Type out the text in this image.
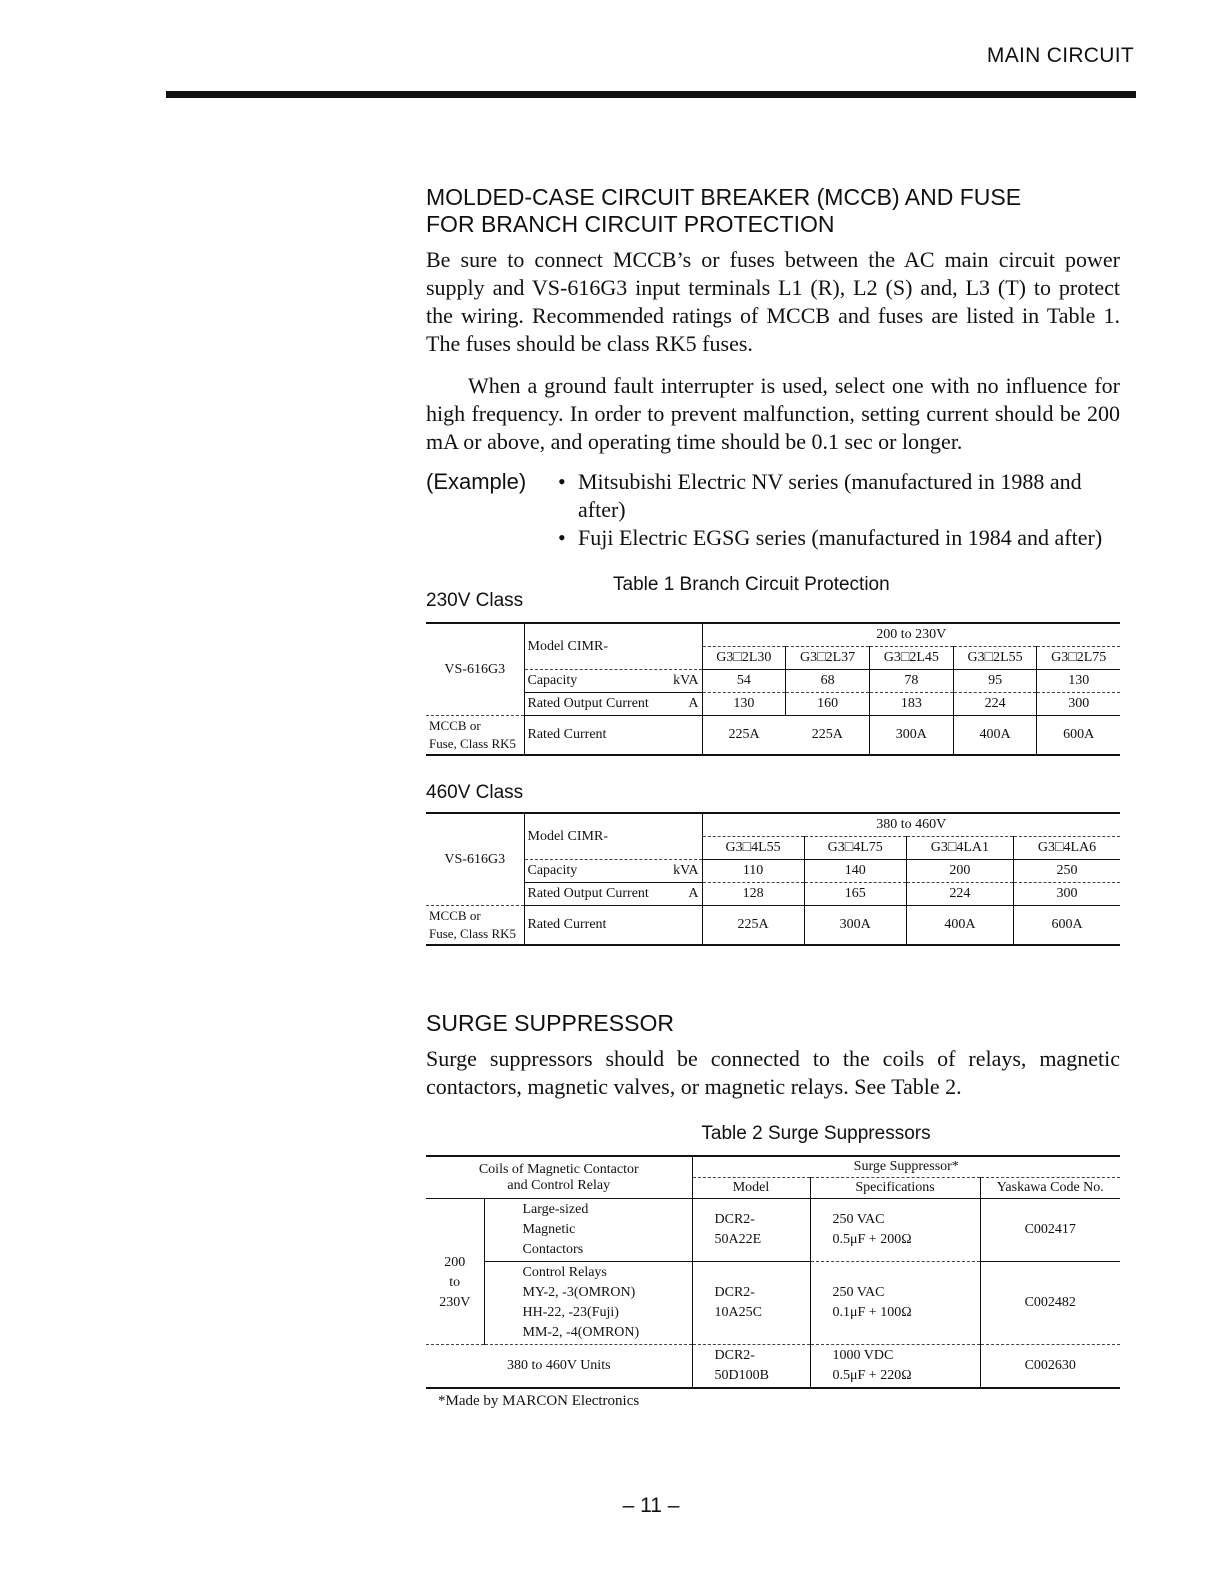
MAIN CIRCUIT
MOLDED-CASE CIRCUIT BREAKER (MCCB) AND FUSE
FOR BRANCH CIRCUIT PROTECTION

Be sure to connect MCCB’s or fuses between the AC main circuit power supply and VS-616G3 input terminals L1 (R), L2 (S) and, L3 (T) to protect the wiring. Recommended ratings of MCCB and fuses are listed in Table 1. The fuses should be class RK5 fuses.

When a ground fault interrupter is used, select one with no influence for high frequency. In order to prevent malfunction, setting current should be 200 mA or above, and operating time should be 0.1 sec or longer.

(Example)	• Mitsubishi Electric NV series (manufactured in 1988 and after)
• Fuji Electric EGSG series (manufactured in 1984 and after)
Table 1 Branch Circuit Protection
230V Class
VS-616G3	Model CIMR-	200 to 230V				
		G3□2L30	G3□2L37	G3□2L45	G3□2L55	G3□2L75

	Capacity kVA	54	68	78	95	130

	Rated Output Current A	130	160	183	224	300
MCCB or
Fuse, Class RK5	Rated Current	225A	225A	300A	400A	600A
460V Class
VS-616G3	Model CIMR-	380 to 460V			
		G3□4L55	G3□4L75	G3□4LA1	G3□4LA6

	Capacity kVA	110	140	200	250

	Rated Output Current A	128	165	224	300
MCCB or
Fuse, Class RK5	Rated Current	225A	300A	400A	600A
SURGE SUPPRESSOR

Surge suppressors should be connected to the coils of relays, magnetic contactors, magnetic valves, or magnetic relays. See Table 2.

Table 2 Surge Suppressors
Coils of Magnetic Contactor
and Control Relay		Surge Suppressor*		
		Model	Specifications	Yaskawa Code No.
200
to
230V	Large-sized
Magnetic
Contactors	DCR2-
50A22E	250 VAC
0.5μF + 200Ω	C002417
	Control Relays
MY-2, -3(OMRON)
HH-22, -23(Fuji)
MM-2, -4(OMRON)	DCR2-
10A25C	250 VAC
0.1μF + 100Ω	C002482
380 to 460V Units		DCR2-
50D100B	1000 VDC
0.5μF + 220Ω	C002630
*Made by MARCON Electronics
– 11 –
